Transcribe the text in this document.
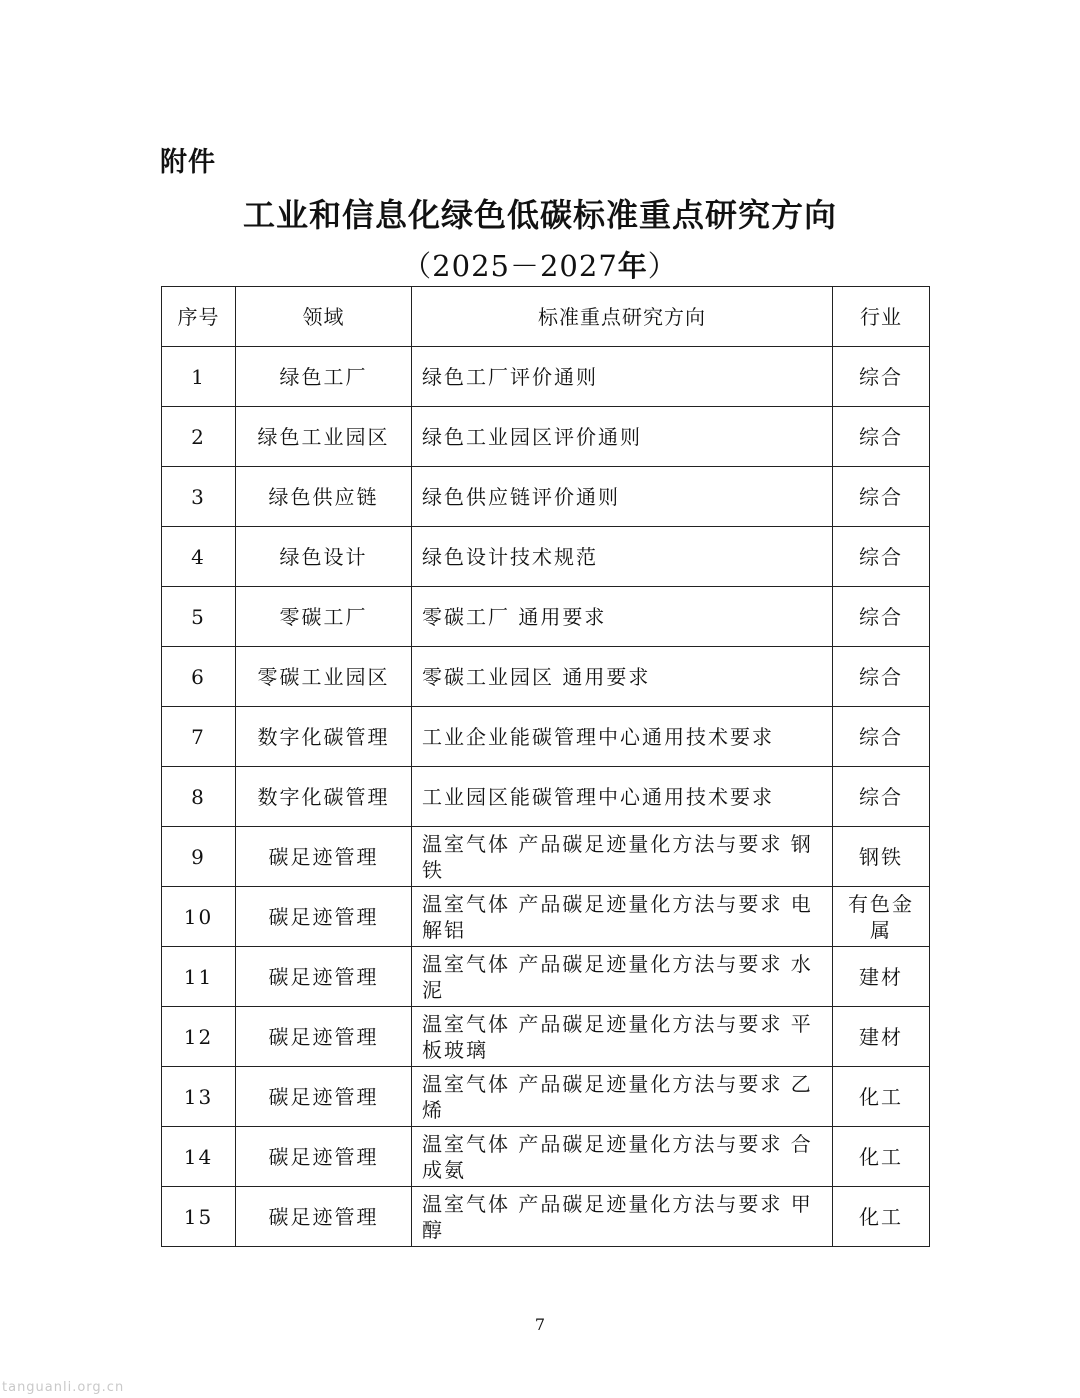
附件
工业和信息化绿色低碳标准重点研究方向
（2025－2027年）
序号	领域	标准重点研究方向	行业
1	绿色工厂	绿色工厂评价通则	综合
2	绿色工业园区	绿色工业园区评价通则	综合
3	绿色供应链	绿色供应链评价通则	综合
4	绿色设计	绿色设计技术规范	综合
5	零碳工厂	零碳工厂 通用要求	综合
6	零碳工业园区	零碳工业园区 通用要求	综合
7	数字化碳管理	工业企业能碳管理中心通用技术要求	综合
8	数字化碳管理	工业园区能碳管理中心通用技术要求	综合
9	碳足迹管理	温室气体 产品碳足迹量化方法与要求 钢铁	钢铁
10	碳足迹管理	温室气体 产品碳足迹量化方法与要求 电解铝	有色金属
11	碳足迹管理	温室气体 产品碳足迹量化方法与要求 水泥	建材
12	碳足迹管理	温室气体 产品碳足迹量化方法与要求 平板玻璃	建材
13	碳足迹管理	温室气体 产品碳足迹量化方法与要求 乙烯	化工
14	碳足迹管理	温室气体 产品碳足迹量化方法与要求 合成氨	化工
15	碳足迹管理	温室气体 产品碳足迹量化方法与要求 甲醇	化工
7
tanguanli.org.cn
